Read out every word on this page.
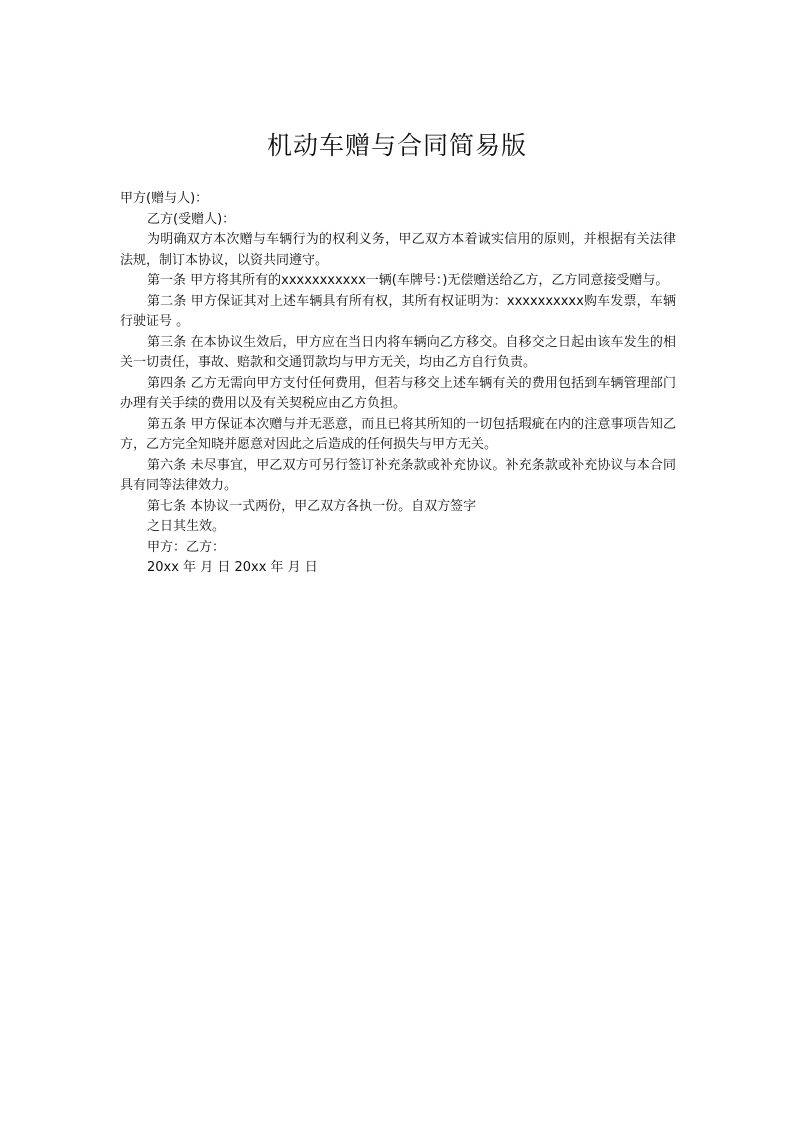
机动车赠与合同简易版

甲方(赠与人)：

乙方(受赠人)：

为明确双方本次赠与车辆行为的权利义务，甲乙双方本着诚实信用的原则，并根据有关法律法规，制订本协议，以资共同遵守。

第一条 甲方将其所有的xxxxxxxxxxx一辆(车牌号：)无偿赠送给乙方，乙方同意接受赠与。

第二条 甲方保证其对上述车辆具有所有权，其所有权证明为：xxxxxxxxxx购车发票，车辆行驶证号 。

第三条 在本协议生效后，甲方应在当日内将车辆向乙方移交。自移交之日起由该车发生的相关一切责任，事故、赔款和交通罚款均与甲方无关，均由乙方自行负责。

第四条 乙方无需向甲方支付任何费用，但若与移交上述车辆有关的费用包括到车辆管理部门办理有关手续的费用以及有关契税应由乙方负担。

第五条 甲方保证本次赠与并无恶意，而且已将其所知的一切包括瑕疵在内的注意事项告知乙方，乙方完全知晓并愿意对因此之后造成的任何损失与甲方无关。

第六条 未尽事宜，甲乙双方可另行签订补充条款或补充协议。补充条款或补充协议与本合同具有同等法律效力。

第七条 本协议一式两份，甲乙双方各执一份。自双方签字

之日其生效。

甲方：乙方：

20xx 年 月 日 20xx 年 月 日
